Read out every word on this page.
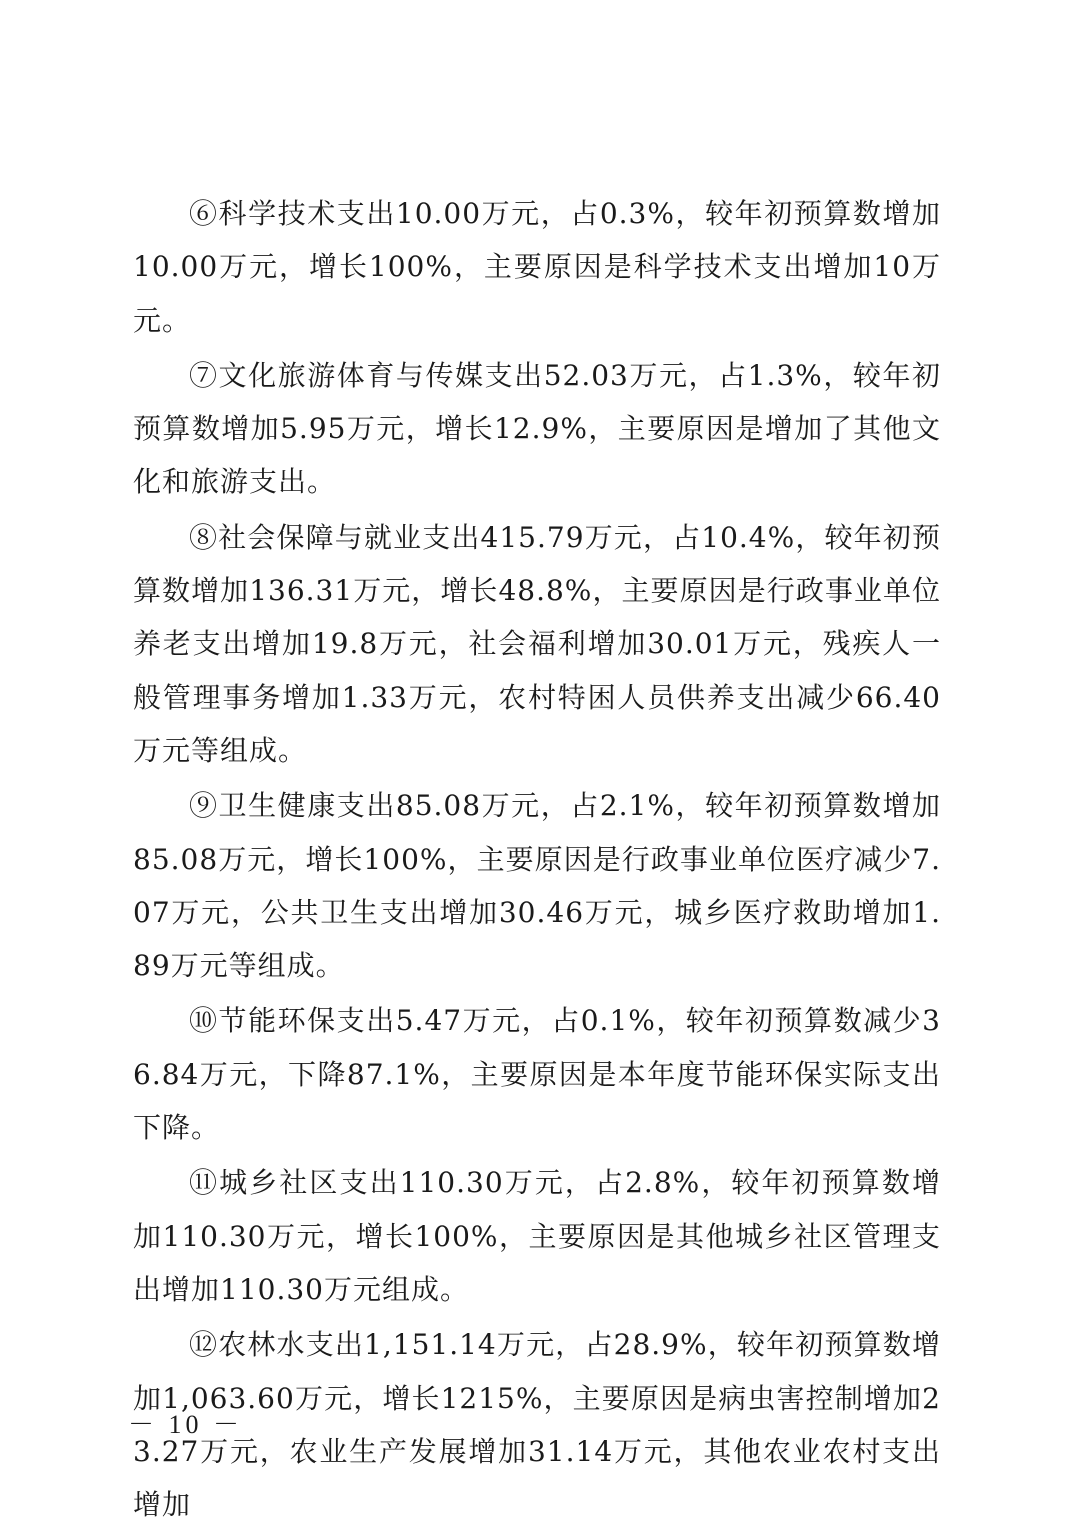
⑥科学技术支出10.00万元，占0.3%，较年初预算数增加10.00万元，增长100%，主要原因是科学技术支出增加10万元。

⑦文化旅游体育与传媒支出52.03万元，占1.3%，较年初预算数增加5.95万元，增长12.9%，主要原因是增加了其他文化和旅游支出。

⑧社会保障与就业支出415.79万元，占10.4%，较年初预算数增加136.31万元，增长48.8%，主要原因是行政事业单位养老支出增加19.8万元，社会福利增加30.01万元，残疾人一般管理事务增加1.33万元，农村特困人员供养支出减少66.40万元等组成。

⑨卫生健康支出85.08万元，占2.1%，较年初预算数增加85.08万元，增长100%，主要原因是行政事业单位医疗减少7.07万元，公共卫生支出增加30.46万元，城乡医疗救助增加1.89万元等组成。

⑩节能环保支出5.47万元，占0.1%，较年初预算数减少36.84万元，下降87.1%，主要原因是本年度节能环保实际支出下降。

⑪城乡社区支出110.30万元，占2.8%，较年初预算数增加110.30万元，增长100%，主要原因是其他城乡社区管理支出增加110.30万元组成。

⑫农林水支出1,151.14万元，占28.9%，较年初预算数增加1,063.60万元，增长1215%，主要原因是病虫害控制增加23.27万元，农业生产发展增加31.14万元，其他农业农村支出增加

－ 10 －
